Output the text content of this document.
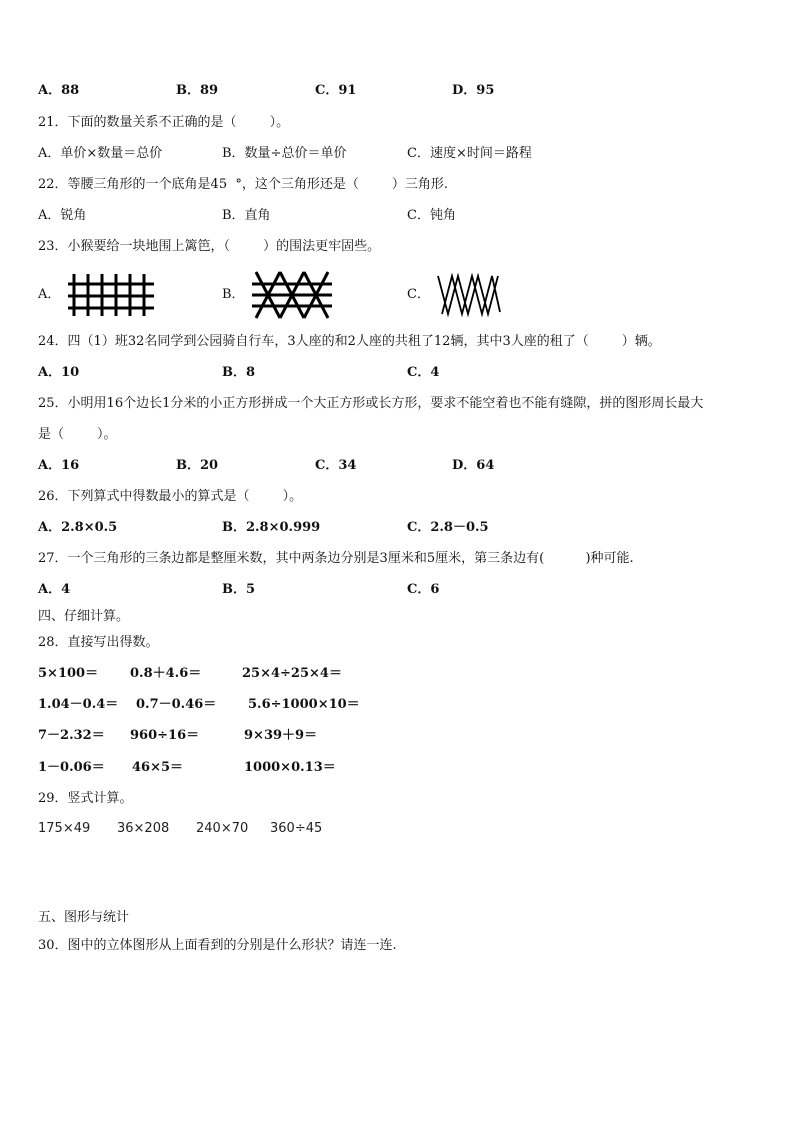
A．88	B．89	C．91	D．95
21．下面的数量关系不正确的是（        ）。
A．单价×数量＝总价	B．数量÷总价＝单价	C．速度×时间＝路程
22．等腰三角形的一个底角是45  °，这个三角形还是（        ）三角形.
A．锐角	B．直角	C．钝角
23．小猴要给一块地围上篱笆，（        ）的围法更牢固些。
A．	B．	C．
24．四（1）班32名同学到公园骑自行车，3人座的和2人座的共租了12辆，其中3人座的租了（        ）辆。
A．10	B．8	C．4
25．小明用16个边长1分米的小正方形拼成一个大正方形或长方形，要求不能空着也不能有缝隙，拼的图形周长最大
是（        ）。
A．16	B．20	C．34	D．64
26．下列算式中得数最小的算式是（        ）。
A．2.8×0.5	B．2.8×0.999	C．2.8－0.5
27．一个三角形的三条边都是整厘米数，其中两条边分别是3厘米和5厘米，第三条边有(          )种可能.
A．4	B．5	C．6
四、仔细计算。
28．直接写出得数。
5×100＝ 0.8＋4.6＝	25×4÷25×4＝
1.04－0.4＝ 0.7－0.46＝ 5.6÷1000×10＝
7－2.32＝ 960÷16＝	9×39＋9＝
1－0.06＝ 46×5＝	1000×0.13＝
29．竖式计算。
175×49 36×208 240×70 360÷45
五、图形与统计
30．图中的立体图形从上面看到的分别是什么形状？请连一连.
